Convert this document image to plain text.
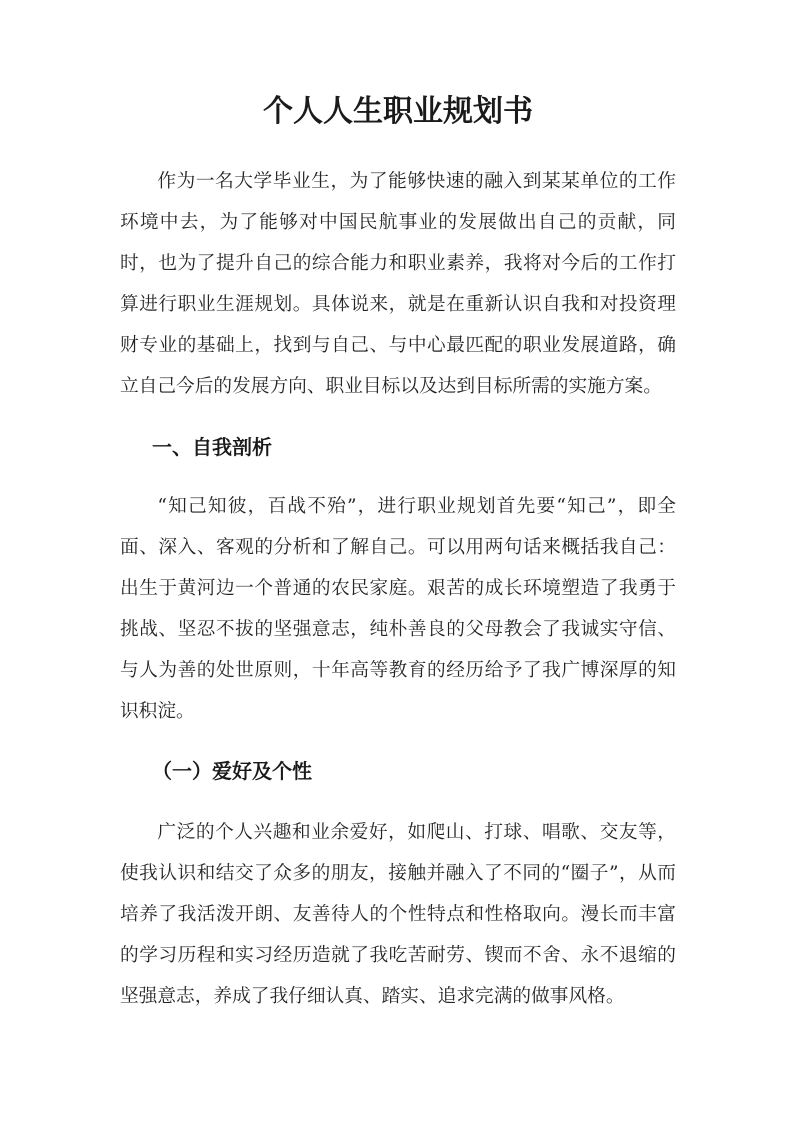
个人人生职业规划书

作为一名大学毕业生，为了能够快速的融入到某某单位的工作环境中去，为了能够对中国民航事业的发展做出自己的贡献，同时，也为了提升自己的综合能力和职业素养，我将对今后的工作打算进行职业生涯规划。具体说来，就是在重新认识自我和对投资理财专业的基础上，找到与自己、与中心最匹配的职业发展道路，确立自己今后的发展方向、职业目标以及达到目标所需的实施方案。

一、自我剖析

“知己知彼，百战不殆”，进行职业规划首先要“知己”，即全面、深入、客观的分析和了解自己。可以用两句话来概括我自己：出生于黄河边一个普通的农民家庭。艰苦的成长环境塑造了我勇于挑战、坚忍不拔的坚强意志，纯朴善良的父母教会了我诚实守信、与人为善的处世原则，十年高等教育的经历给予了我广博深厚的知识积淀。

（一）爱好及个性

广泛的个人兴趣和业余爱好，如爬山、打球、唱歌、交友等，使我认识和结交了众多的朋友，接触并融入了不同的“圈子”，从而培养了我活泼开朗、友善待人的个性特点和性格取向。漫长而丰富的学习历程和实习经历造就了我吃苦耐劳、锲而不舍、永不退缩的坚强意志，养成了我仔细认真、踏实、追求完满的做事风格。
